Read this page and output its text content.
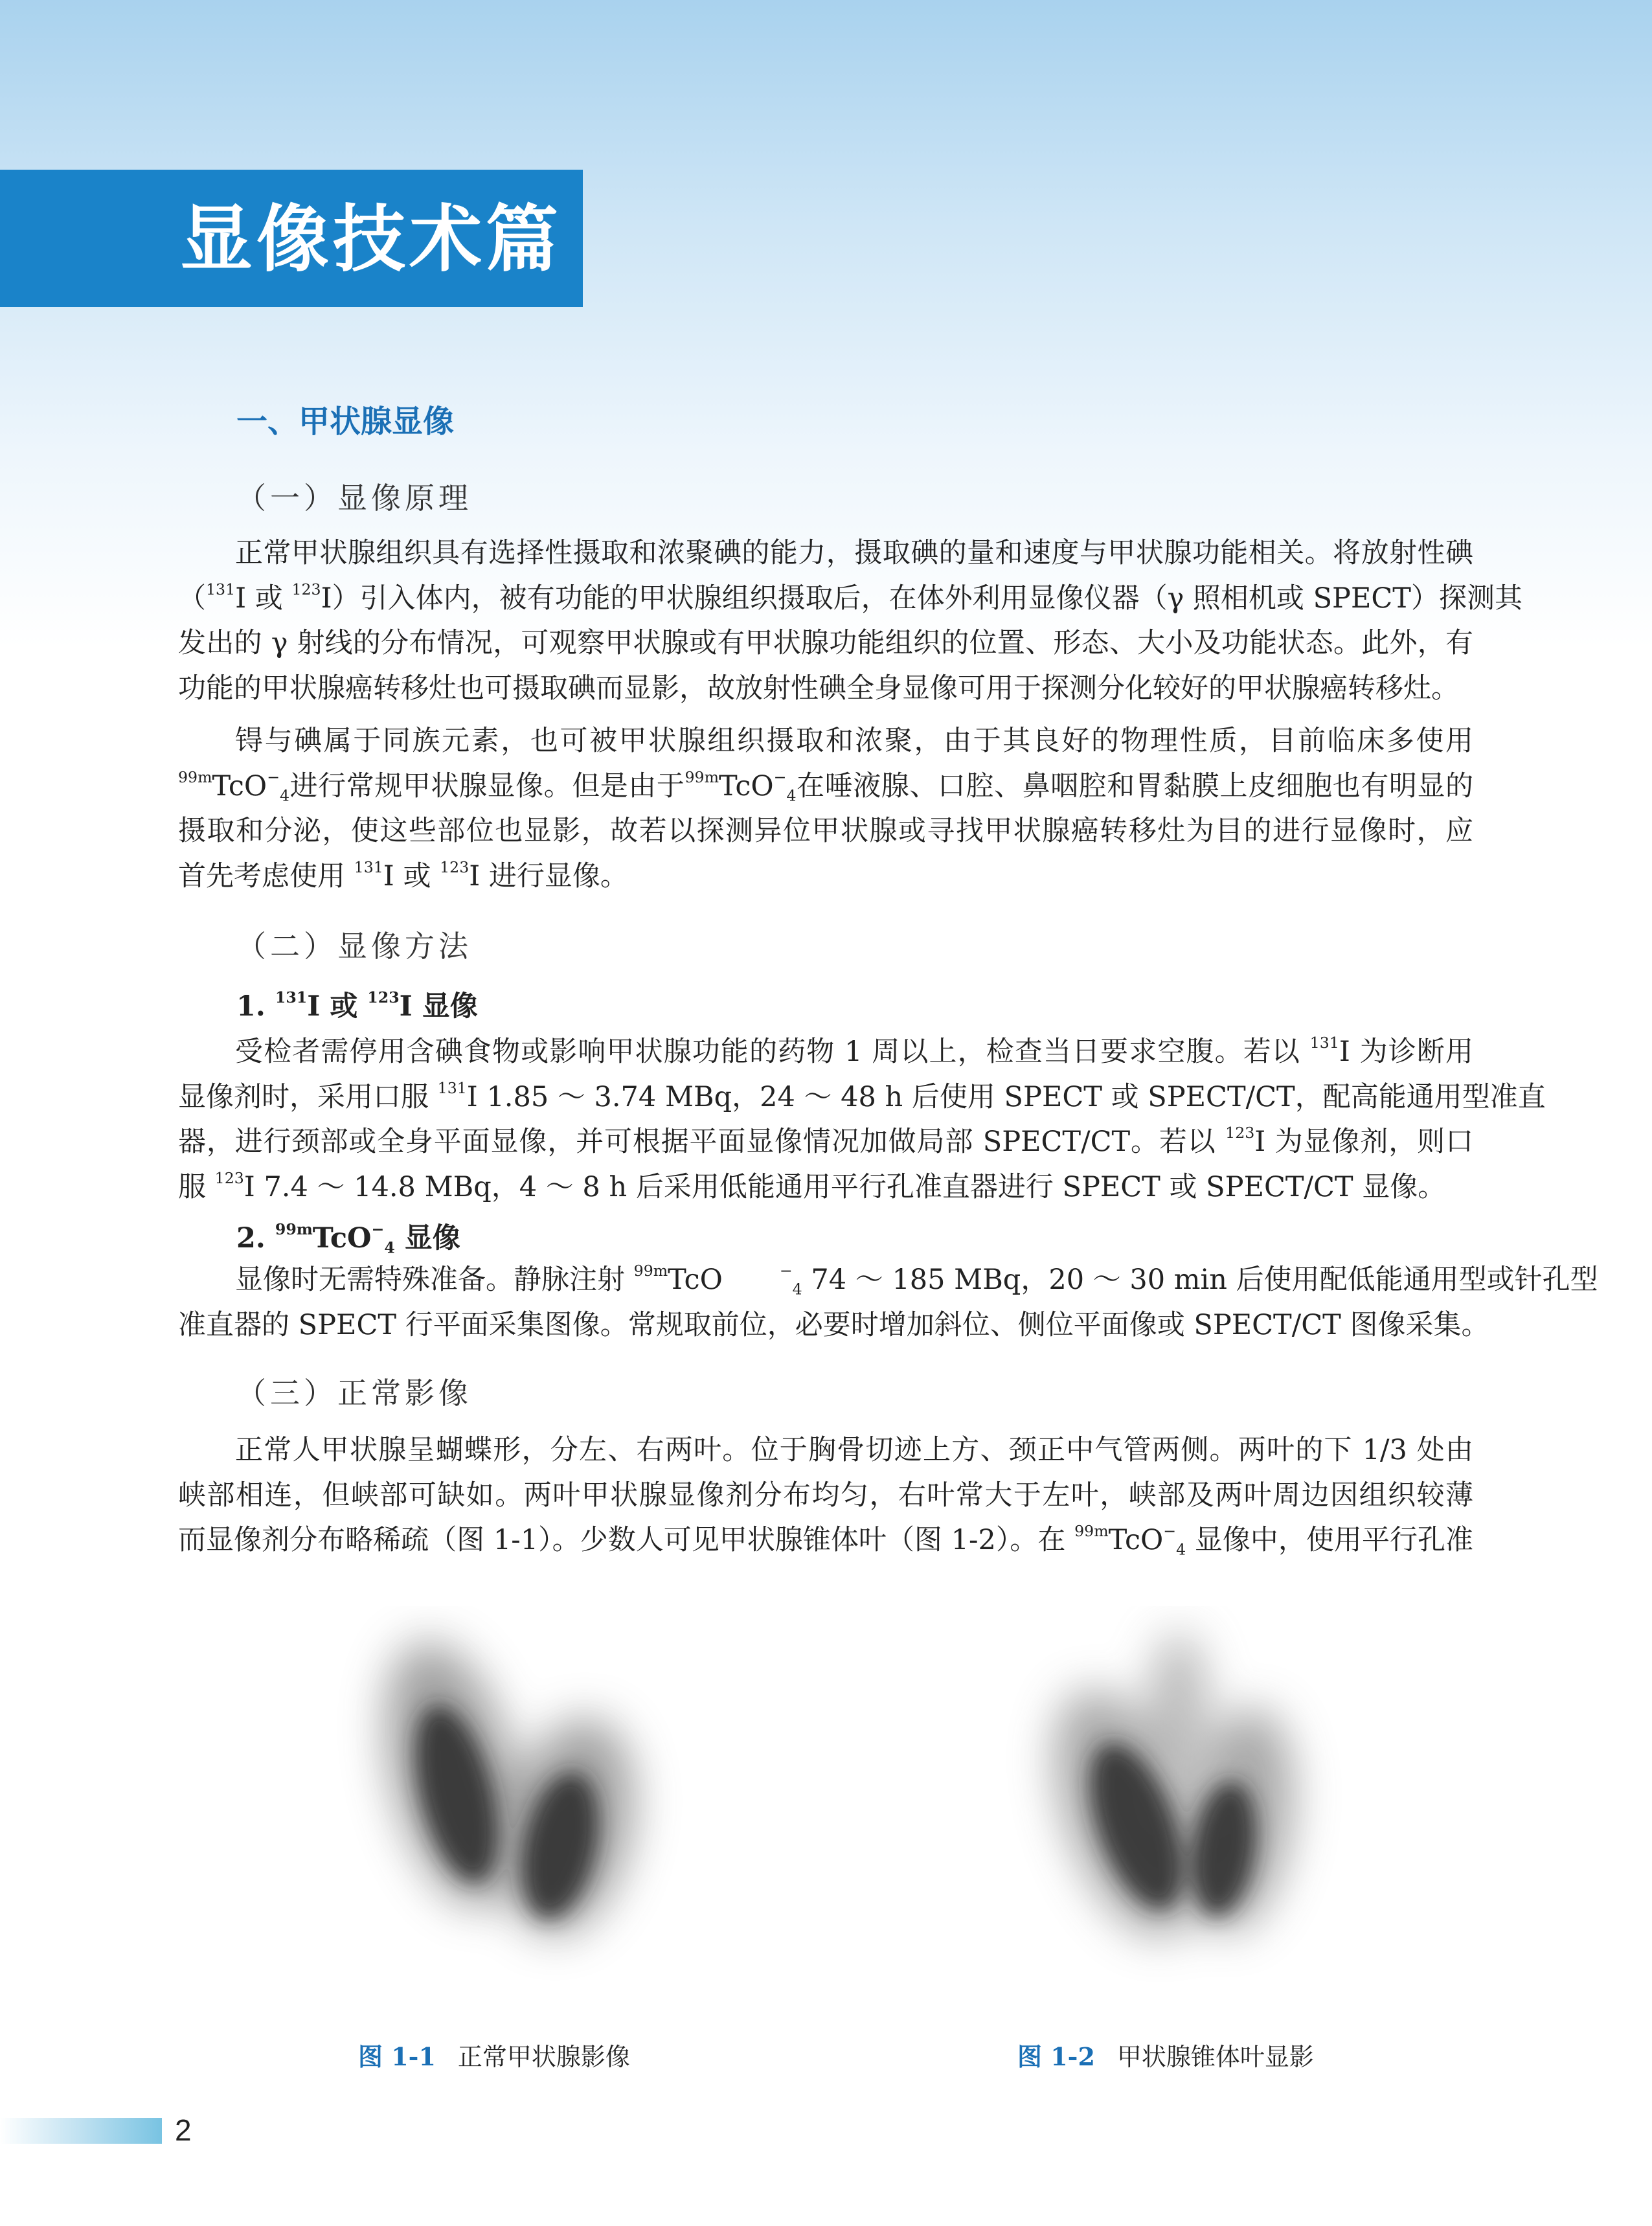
显像技术篇
一、甲状腺显像
（一）显像原理
正常甲状腺组织具有选择性摄取和浓聚碘的能力，摄取碘的量和速度与甲状腺功能相关。将放射性碘
（$^{131}$I 或 $^{123}$I）引入体内，被有功能的甲状腺组织摄取后，在体外利用显像仪器（γ 照相机或 SPECT）探测其
发出的 γ 射线的分布情况，可观察甲状腺或有甲状腺功能组织的位置、形态、大小及功能状态。此外，有
功能的甲状腺癌转移灶也可摄取碘而显影，故放射性碘全身显像可用于探测分化较好的甲状腺癌转移灶。
锝与碘属于同族元素，也可被甲状腺组织摄取和浓聚，由于其良好的物理性质，目前临床多使用
$^{99m}$TcO−4进行常规甲状腺显像。但是由于$^{99m}$TcO−4在唾液腺、口腔、鼻咽腔和胃黏膜上皮细胞也有明显的
摄取和分泌，使这些部位也显影，故若以探测异位甲状腺或寻找甲状腺癌转移灶为目的进行显像时，应
首先考虑使用 $^{131}$I 或 $^{123}$I 进行显像。
（二）显像方法
1. $^{131}$I 或 $^{123}$I 显像
受检者需停用含碘食物或影响甲状腺功能的药物 1 周以上，检查当日要求空腹。若以 $^{131}$I 为诊断用
显像剂时，采用口服 $^{131}$I 1.85 ～ 3.74 MBq，24 ～ 48 h 后使用 SPECT 或 SPECT/CT，配高能通用型准直
器，进行颈部或全身平面显像，并可根据平面显像情况加做局部 SPECT/CT。若以 $^{123}$I 为显像剂，则口
服 $^{123}$I 7.4 ～ 14.8 MBq，4 ～ 8 h 后采用低能通用平行孔准直器进行 SPECT 或 SPECT/CT 显像。
2. $^{99m}$TcO−4 显像
显像时无需特殊准备。静脉注射 $^{99m}$TcO	−4 74 ～ 185 MBq，20 ～ 30 min 后使用配低能通用型或针孔型
准直器的 SPECT 行平面采集图像。常规取前位，必要时增加斜位、侧位平面像或 SPECT/CT 图像采集。
（三）正常影像
正常人甲状腺呈蝴蝶形，分左、右两叶。位于胸骨切迹上方、颈正中气管两侧。两叶的下 1/3 处由
峡部相连，但峡部可缺如。两叶甲状腺显像剂分布均匀，右叶常大于左叶，峡部及两叶周边因组织较薄
而显像剂分布略稀疏（图 1-1）。少数人可见甲状腺锥体叶（图 1-2）。在 $^{99m}$TcO−4 显像中，使用平行孔准
图 1-1 正常甲状腺影像	图 1-2 甲状腺锥体叶显影
2
